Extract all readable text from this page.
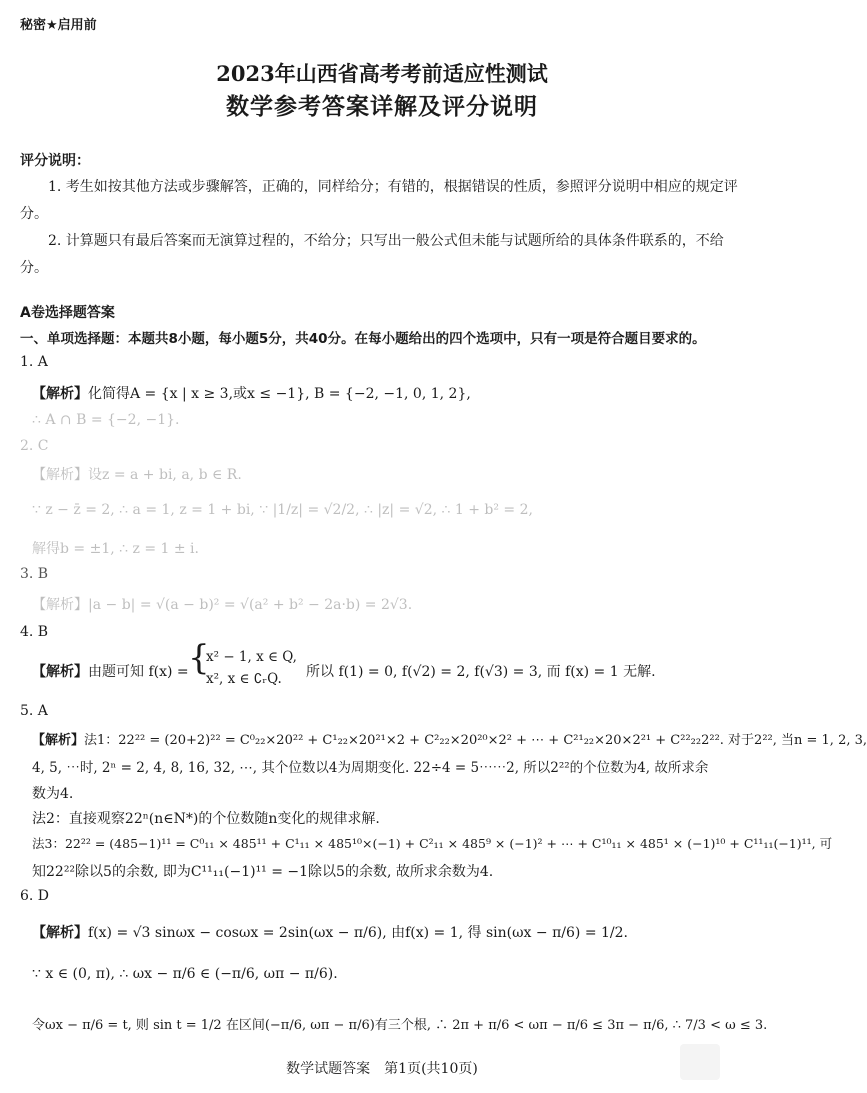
秘密★启用前
2023年山西省高考考前适应性测试
数学参考答案详解及评分说明
评分说明：
1. 考生如按其他方法或步骤解答，正确的，同样给分；有错的，根据错误的性质，参照评分说明中相应的规定评分。
2. 计算题只有最后答案而无演算过程的，不给分；只写出一般公式但未能与试题所给的具体条件联系的，不给分。
A卷选择题答案
一、单项选择题：本题共8小题，每小题5分，共40分。在每小题给出的四个选项中，只有一项是符合题目要求的。
1. A
【解析】化简得A = {x | x ≥ 3,或x ≤ −1}, B = {−2, −1, 0, 1, 2},
∴ A ∩ B = {−2, −1}.
2. C
【解析】设z = a + bi, a, b ∈ R.
∵ z − z̄ = 2, ∴ a = 1, z = 1 + bi, ∵ |1/z| = √2/2, ∴ |z| = √2, ∴ 1 + b² = 2,
解得b = ±1, ∴ z = 1 ± i.
3. B
【解析】|a − b| = √(a − b)² = √(a² + b² − 2a·b) = 2√3.
4. B
【解析】由题可知 f(x) = {
x² − 1, x ∈ Q,
x², x ∈ ∁ᵣQ.	所以 f(1) = 0, f(√2) = 2, f(√3) = 3, 而 f(x) = 1 无解.
5. A
【解析】法1：22²² = (20+2)²² = C⁰₂₂×20²² + C¹₂₂×20²¹×2 + C²₂₂×20²⁰×2² + ⋯ + C²¹₂₂×20×2²¹ + C²²₂₂2²². 对于2²², 当n = 1, 2, 3,
4, 5, ⋯时, 2ⁿ = 2, 4, 8, 16, 32, ⋯, 其个位数以4为周期变化. 22÷4 = 5⋯⋯2, 所以2²²的个位数为4, 故所求余
数为4.
法2：直接观察22ⁿ(n∈N*)的个位数随n变化的规律求解.
法3：22²² = (485−1)¹¹ = C⁰₁₁ × 485¹¹ + C¹₁₁ × 485¹⁰×(−1) + C²₁₁ × 485⁹ × (−1)² + ⋯ + C¹⁰₁₁ × 485¹ × (−1)¹⁰ + C¹¹₁₁(−1)¹¹, 可
知22²²除以5的余数, 即为C¹¹₁₁(−1)¹¹ = −1除以5的余数, 故所求余数为4.
6. D
【解析】f(x) = √3 sinωx − cosωx = 2sin(ωx − π/6), 由f(x) = 1, 得 sin(ωx − π/6) = 1/2.
∵ x ∈ (0, π), ∴ ωx − π/6 ∈ (−π/6, ωπ − π/6).
令ωx − π/6 = t, 则 sin t = 1/2 在区间(−π/6, ωπ − π/6)有三个根, ∴ 2π + π/6 < ωπ − π/6 ≤ 3π − π/6, ∴ 7/3 < ω ≤ 3.
数学试题答案　第1页(共10页)
